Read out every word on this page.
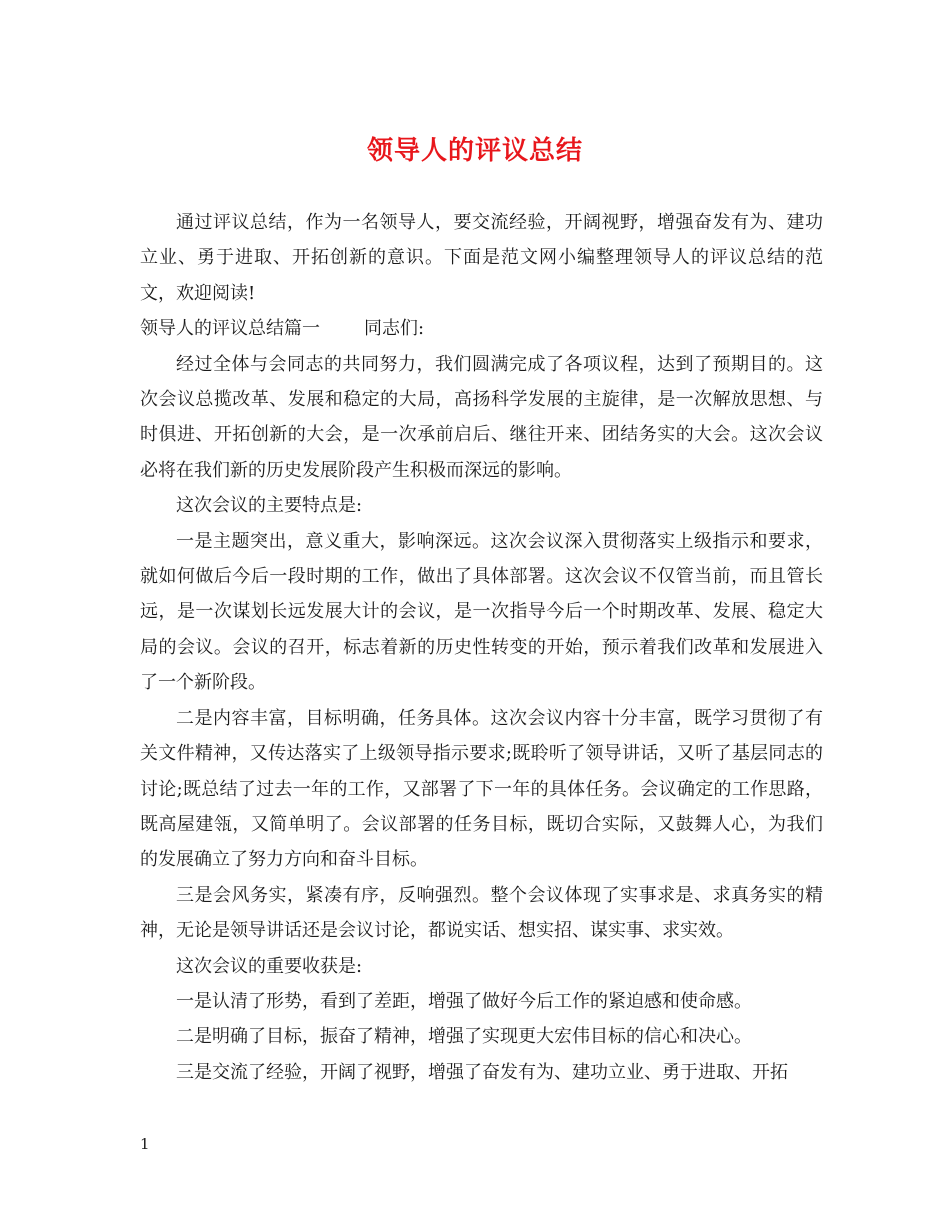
领导人的评议总结

通过评议总结，作为一名领导人，要交流经验，开阔视野，增强奋发有为、建功立业、勇于进取、开拓创新的意识。下面是范文网小编整理领导人的评议总结的范文，欢迎阅读!

领导人的评议总结篇一 同志们:

经过全体与会同志的共同努力，我们圆满完成了各项议程，达到了预期目的。这次会议总揽改革、发展和稳定的大局，高扬科学发展的主旋律，是一次解放思想、与时俱进、开拓创新的大会，是一次承前启后、继往开来、团结务实的大会。这次会议必将在我们新的历史发展阶段产生积极而深远的影响。

这次会议的主要特点是:

一是主题突出，意义重大，影响深远。这次会议深入贯彻落实上级指示和要求，就如何做后今后一段时期的工作，做出了具体部署。这次会议不仅管当前，而且管长远，是一次谋划长远发展大计的会议，是一次指导今后一个时期改革、发展、稳定大局的会议。会议的召开，标志着新的历史性转变的开始，预示着我们改革和发展进入了一个新阶段。

二是内容丰富，目标明确，任务具体。这次会议内容十分丰富，既学习贯彻了有关文件精神，又传达落实了上级领导指示要求;既聆听了领导讲话，又听了基层同志的讨论;既总结了过去一年的工作，又部署了下一年的具体任务。会议确定的工作思路，既高屋建瓴，又简单明了。会议部署的任务目标，既切合实际，又鼓舞人心，为我们的发展确立了努力方向和奋斗目标。

三是会风务实，紧凑有序，反响强烈。整个会议体现了实事求是、求真务实的精神，无论是领导讲话还是会议讨论，都说实话、想实招、谋实事、求实效。

这次会议的重要收获是:

一是认清了形势，看到了差距，增强了做好今后工作的紧迫感和使命感。

二是明确了目标，振奋了精神，增强了实现更大宏伟目标的信心和决心。

三是交流了经验，开阔了视野，增强了奋发有为、建功立业、勇于进取、开拓

1
